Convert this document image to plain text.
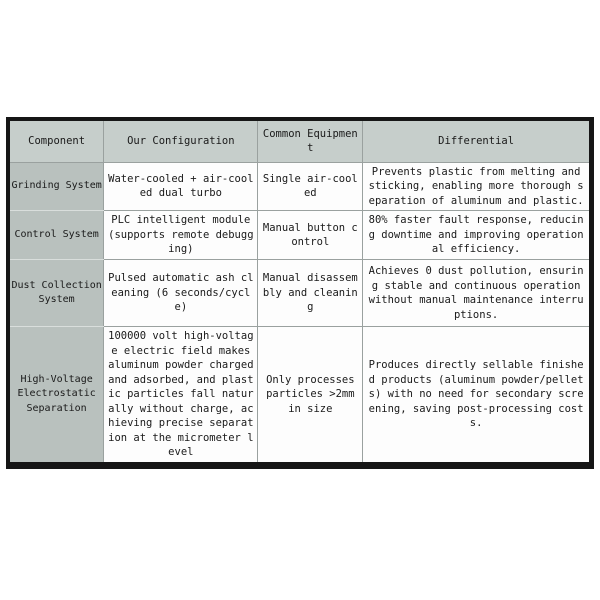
Component	Our Configuration	Common Equipment	Differential
Grinding System	Water-cooled + air-cooled dual turbo	Single air-cooled	Prevents plastic from melting and sticking, enabling more thorough separation of aluminum and plastic.
Control System	PLC intelligent module (supports remote debugging)	Manual button control	80% faster fault response, reducing downtime and improving operational efficiency.
Dust Collection System	Pulsed automatic ash cleaning (6 seconds/cycle)	Manual disassembly and cleaning	Achieves 0 dust pollution, ensuring stable and continuous operation without manual maintenance interruptions.
High-Voltage Electrostatic Separation	100000 volt high-voltage electric field makes aluminum powder charged and adsorbed, and plastic particles fall naturally without charge, achieving precise separation at the micrometer level	Only processes particles >2mm in size	Produces directly sellable finished products (aluminum powder/pellets) with no need for secondary screening, saving post-processing costs.
